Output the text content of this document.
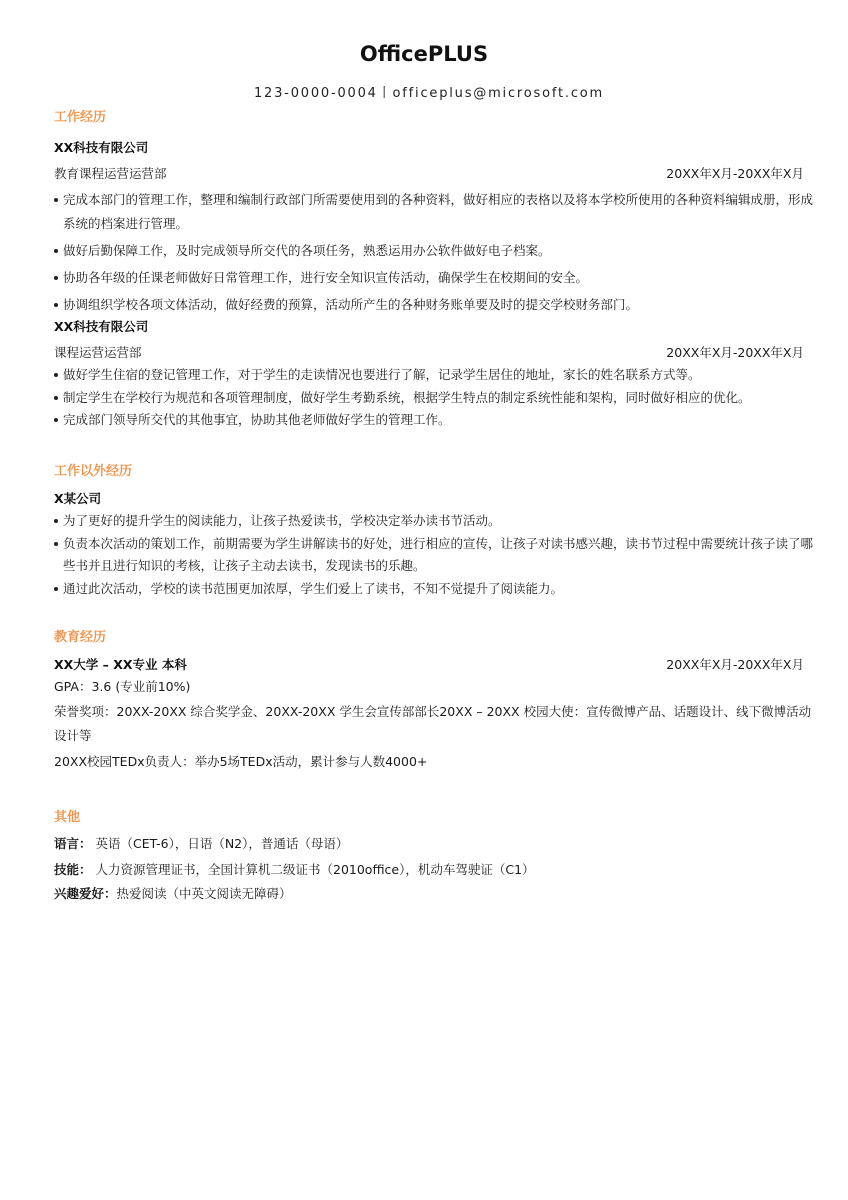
OfficePLUS
123-0000-0004丨officeplus@microsoft.com
工作经历
XX科技有限公司
教育课程运营运营部	20XX年X月-20XX年X月
完成本部门的管理工作，整理和编制行政部门所需要使用到的各种资料，做好相应的表格以及将本学校所使用的各种资料编辑成册，形成系统的档案进行管理。
做好后勤保障工作，及时完成领导所交代的各项任务，熟悉运用办公软件做好电子档案。
协助各年级的任课老师做好日常管理工作，进行安全知识宣传活动，确保学生在校期间的安全。
协调组织学校各项文体活动，做好经费的预算，活动所产生的各种财务账单要及时的提交学校财务部门。
XX科技有限公司
课程运营运营部	20XX年X月-20XX年X月
做好学生住宿的登记管理工作，对于学生的走读情况也要进行了解，记录学生居住的地址，家长的姓名联系方式等。
制定学生在学校行为规范和各项管理制度，做好学生考勤系统，根据学生特点的制定系统性能和架构，同时做好相应的优化。
完成部门领导所交代的其他事宜，协助其他老师做好学生的管理工作。
工作以外经历
X某公司
为了更好的提升学生的阅读能力，让孩子热爱读书，学校决定举办读书节活动。
负责本次活动的策划工作，前期需要为学生讲解读书的好处，进行相应的宣传，让孩子对读书感兴趣，读书节过程中需要统计孩子读了哪些书并且进行知识的考核，让孩子主动去读书，发现读书的乐趣。
通过此次活动，学校的读书范围更加浓厚，学生们爱上了读书，不知不觉提升了阅读能力。
教育经历
XX大学 – XX专业 本科	20XX年X月-20XX年X月
GPA：3.6 (专业前10%)
荣誉奖项：20XX-20XX 综合奖学金、20XX-20XX 学生会宣传部部长20XX – 20XX 校园大使：宣传微博产品、话题设计、线下微博活动设计等
20XX校园TEDx负责人：举办5场TEDx活动，累计参与人数4000+
其他
语言： 英语（CET-6），日语（N2），普通话（母语）
技能： 人力资源管理证书，全国计算机二级证书（2010office），机动车驾驶证（C1）
兴趣爱好：热爱阅读（中英文阅读无障碍）
